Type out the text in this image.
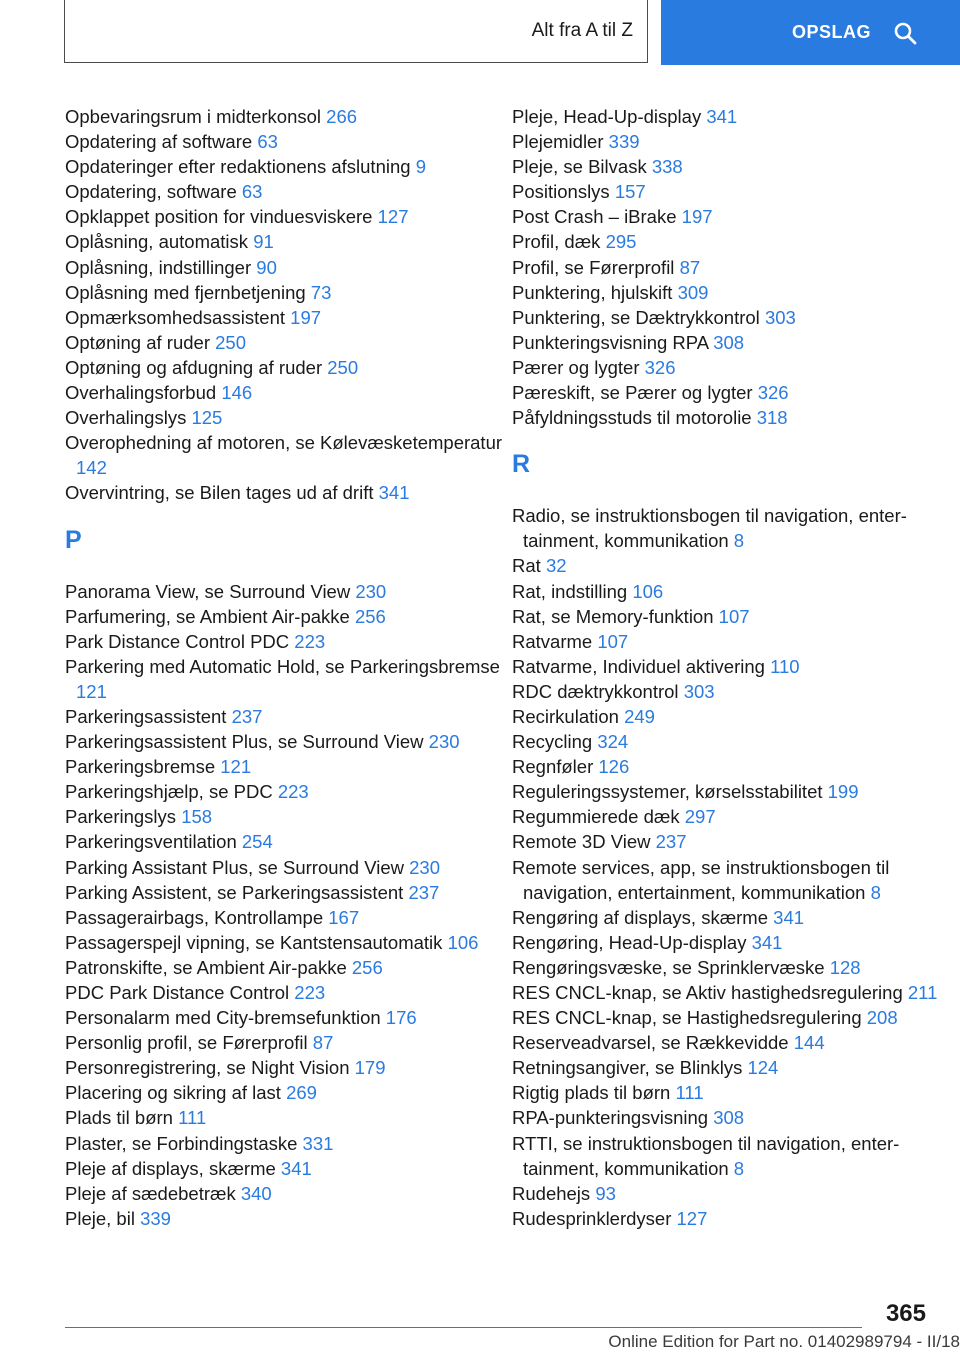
Alt fra A til Z	OPSLAG
Opbevaringsrum i midterkonsol 266
Opdatering af software 63
Opdateringer efter redaktionens afslutning 9
Opdatering, software 63
Opklappet position for vinduesviskere 127
Oplåsning, automatisk 91
Oplåsning, indstillinger 90
Oplåsning med fjernbetjening 73
Opmærksomhedsassistent 197
Optøning af ruder 250
Optøning og afdugning af ruder 250
Overhalingsforbud 146
Overhalingslys 125
Overophedning af motoren, se Kølevæsketemperatur 142
Overvintring, se Bilen tages ud af drift 341
P
Panorama View, se Surround View 230
Parfumering, se Ambient Air-pakke 256
Park Distance Control PDC 223
Parkering med Automatic Hold, se Parkeringsbremse 121
Parkeringsassistent 237
Parkeringsassistent Plus, se Surround View 230
Parkeringsbremse 121
Parkeringshjælp, se PDC 223
Parkeringslys 158
Parkeringsventilation 254
Parking Assistant Plus, se Surround View 230
Parking Assistent, se Parkeringsassistent 237
Passagerairbags, Kontrollampe 167
Passagerspejl vipning, se Kantstensautomatik 106
Patronskifte, se Ambient Air-pakke 256
PDC Park Distance Control 223
Personalarm med City-bremsefunktion 176
Personlig profil, se Førerprofil 87
Personregistrering, se Night Vision 179
Placering og sikring af last 269
Plads til børn 111
Plaster, se Forbindingstaske 331
Pleje af displays, skærme 341
Pleje af sædebetræk 340
Pleje, bil 339
Pleje, Head-Up-display 341
Plejemidler 339
Pleje, se Bilvask 338
Positionslys 157
Post Crash – iBrake 197
Profil, dæk 295
Profil, se Førerprofil 87
Punktering, hjulskift 309
Punktering, se Dæktrykkontrol 303
Punkteringsvisning RPA 308
Pærer og lygter 326
Pæreskift, se Pærer og lygter 326
Påfyldningsstuds til motorolie 318
R
Radio, se instruktionsbogen til navigation, entertainment, kommunikation 8
Rat 32
Rat, indstilling 106
Rat, se Memory-funktion 107
Ratvarme 107
Ratvarme, Individuel aktivering 110
RDC dæktrykkontrol 303
Recirkulation 249
Recycling 324
Regnføler 126
Reguleringssystemer, kørselsstabilitet 199
Regummierede dæk 297
Remote 3D View 237
Remote services, app, se instruktionsbogen til navigation, entertainment, kommunikation 8
Rengøring af displays, skærme 341
Rengøring, Head-Up-display 341
Rengøringsvæske, se Sprinklervæske 128
RES CNCL-knap, se Aktiv hastighedsregulering 211
RES CNCL-knap, se Hastighedsregulering 208
Reserveadvarsel, se Rækkevidde 144
Retningsangiver, se Blinklys 124
Rigtig plads til børn 111
RPA-punkteringsvisning 308
RTTI, se instruktionsbogen til navigation, entertainment, kommunikation 8
Rudehejs 93
Rudesprinklerdyser 127
365
Online Edition for Part no. 01402989794 - II/18
